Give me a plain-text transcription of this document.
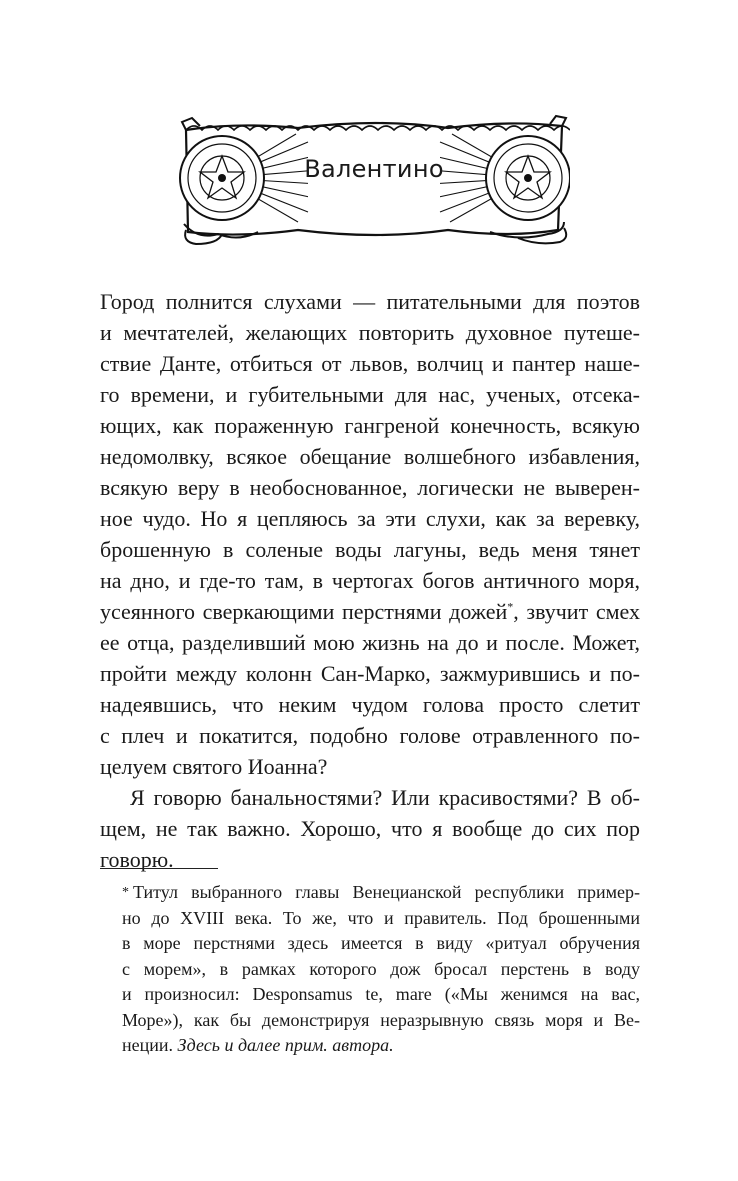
Валентино
Город полнится слухами — питательными для поэтов
и мечтателей, желающих повторить духовное путеше-
ствие Данте, отбиться от львов, волчиц и пантер наше-
го времени, и губительными для нас, ученых, отсека-
ющих, как пораженную гангреной конечность, всякую
недомолвку, всякое обещание волшебного избавления,
всякую веру в необоснованное, логически не выверен-
ное чудо. Но я цепляюсь за эти слухи, как за веревку,
брошенную в соленые воды лагуны, ведь меня тянет
на дно, и где-то там, в чертогах богов античного моря,
усеянного сверкающими перстнями дожей*, звучит смех
ее отца, разделивший мою жизнь на до и после. Может,
пройти между колонн Сан-Марко, зажмурившись и по-
надеявшись, что неким чудом голова просто слетит
с плеч и покатится, подобно голове отравленного по-
целуем святого Иоанна?
Я говорю банальностями? Или красивостями? В об-
щем, не так важно. Хорошо, что я вообще до сих пор
говорю.
* Титул выбранного главы Венецианской республики пример-
но до XVIII века. То же, что и правитель. Под брошенными
в море перстнями здесь имеется в виду «ритуал обручения
с морем», в рамках которого дож бросал перстень в воду
и произносил: Desponsamus te, mare («Мы женимся на вас,
Море»), как бы демонстрируя неразрывную связь моря и Ве-
неции. Здесь и далее прим. автора.
